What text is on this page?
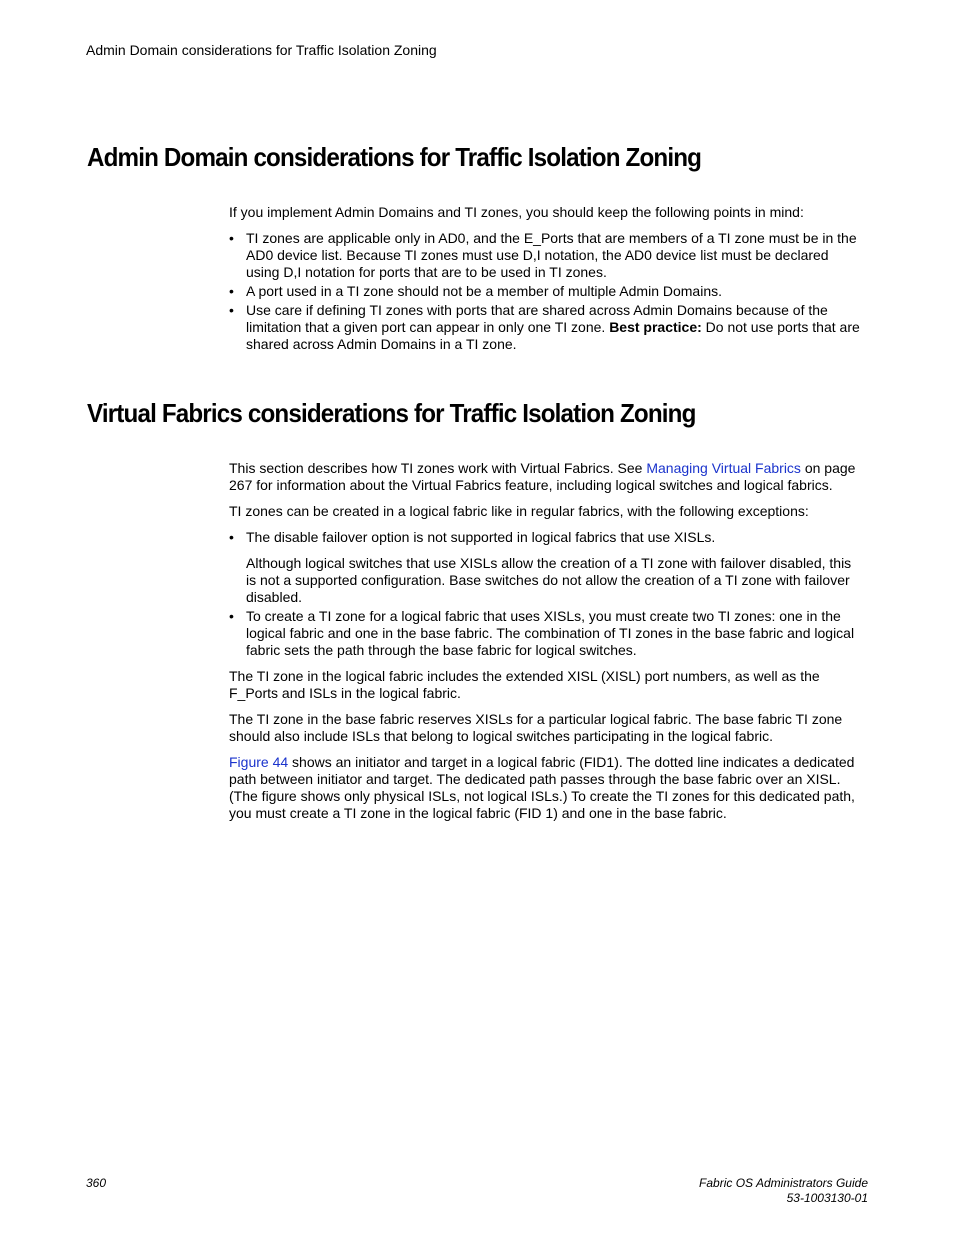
Admin Domain considerations for Traffic Isolation Zoning
Admin Domain considerations for Traffic Isolation Zoning

If you implement Admin Domains and TI zones, you should keep the following points in mind:

• TI zones are applicable only in AD0, and the E_Ports that are members of a TI zone must be in the AD0 device list. Because TI zones must use D,I notation, the AD0 device list must be declared using D,I notation for ports that are to be used in TI zones.
• A port used in a TI zone should not be a member of multiple Admin Domains.
• Use care if defining TI zones with ports that are shared across Admin Domains because of the limitation that a given port can appear in only one TI zone. Best practice: Do not use ports that are shared across Admin Domains in a TI zone.
Virtual Fabrics considerations for Traffic Isolation Zoning

This section describes how TI zones work with Virtual Fabrics. See Managing Virtual Fabrics on page 267 for information about the Virtual Fabrics feature, including logical switches and logical fabrics.

TI zones can be created in a logical fabric like in regular fabrics, with the following exceptions:

• The disable failover option is not supported in logical fabrics that use XISLs.

Although logical switches that use XISLs allow the creation of a TI zone with failover disabled, this is not a supported configuration. Base switches do not allow the creation of a TI zone with failover disabled.

• To create a TI zone for a logical fabric that uses XISLs, you must create two TI zones: one in the logical fabric and one in the base fabric. The combination of TI zones in the base fabric and logical fabric sets the path through the base fabric for logical switches.

The TI zone in the logical fabric includes the extended XISL (XISL) port numbers, as well as the F_Ports and ISLs in the logical fabric.

The TI zone in the base fabric reserves XISLs for a particular logical fabric. The base fabric TI zone should also include ISLs that belong to logical switches participating in the logical fabric.

Figure 44 shows an initiator and target in a logical fabric (FID1). The dotted line indicates a dedicated path between initiator and target. The dedicated path passes through the base fabric over an XISL. (The figure shows only physical ISLs, not logical ISLs.) To create the TI zones for this dedicated path, you must create a TI zone in the logical fabric (FID 1) and one in the base fabric.

360	Fabric OS Administrators Guide
53-1003130-01
